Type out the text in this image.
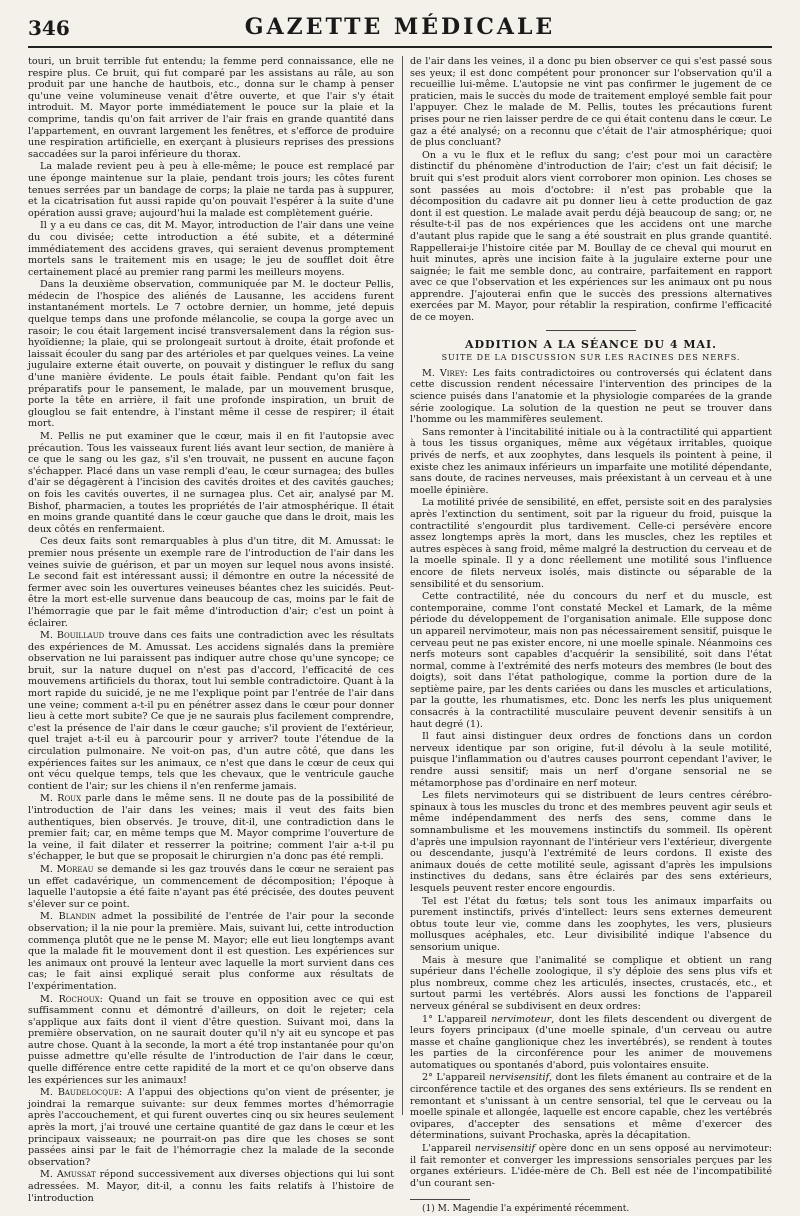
346	GAZETTE MÉDICALE

touri, un bruit terrible fut entendu; la femme perd connaissance, elle ne respire plus. Ce bruit, qui fut comparé par les assistans au râle, au son produit par une hanche de hautbois, etc., donna sur le champ à penser qu'une veine volumineuse venait d'être ouverte, et que l'air s'y était introduit. M. Mayor porte immédiatement le pouce sur la plaie et la comprime, tandis qu'on fait arriver de l'air frais en grande quantité dans l'appartement, en ouvrant largement les fenêtres, et s'efforce de produire une respiration artificielle, en exerçant à plusieurs reprises des pressions saccadées sur la paroi inférieure du thorax.

La malade revient peu à peu à elle-même; le pouce est remplacé par une éponge maintenue sur la plaie, pendant trois jours; les côtes furent tenues serrées par un bandage de corps; la plaie ne tarda pas à suppurer, et la cicatrisation fut aussi rapide qu'on pouvait l'espérer à la suite d'une opération aussi grave; aujourd'hui la malade est complètement guérie.

Il y a eu dans ce cas, dit M. Mayor, introduction de l'air dans une veine du cou divisée; cette introduction a été subite, et a déterminé immédiatement des accidens graves, qui seraient devenus promptement mortels sans le traitement mis en usage; le jeu de soufflet doit être certainement placé au premier rang parmi les meilleurs moyens.

Dans la deuxième observation, communiquée par M. le docteur Pellis, médecin de l'hospice des aliénés de Lausanne, les accidens furent instantanément mortels. Le 7 octobre dernier, un homme, jeté depuis quelque temps dans une profonde mélancolie, se coupa la gorge avec un rasoir; le cou était largement incisé transversalement dans la région sus-hyoïdienne; la plaie, qui se prolongeait surtout à droite, était profonde et laissait écouler du sang par des artérioles et par quelques veines. La veine jugulaire externe était ouverte, on pouvait y distinguer le reflux du sang d'une manière évidente. Le pouls était faible. Pendant qu'on fait les préparatifs pour le pansement, le malade, par un mouvement brusque, porte la tête en arrière, il fait une profonde inspiration, un bruit de glouglou se fait entendre, à l'instant même il cesse de respirer; il était mort.

M. Pellis ne put examiner que le cœur, mais il en fit l'autopsie avec précaution. Tous les vaisseaux furent liés avant leur section, de manière à ce que le sang ou les gaz, s'il s'en trouvait, ne pussent en aucune façon s'échapper. Placé dans un vase rempli d'eau, le cœur surnagea; des bulles d'air se dégagèrent à l'incision des cavités droites et des cavités gauches; on fois les cavités ouvertes, il ne surnagea plus. Cet air, analysé par M. Bishof, pharmacien, a toutes les propriétés de l'air atmosphérique. Il était en moins grande quantité dans le cœur gauche que dans le droit, mais les deux côtés en renfermaient.

Ces deux faits sont remarquables à plus d'un titre, dit M. Amussat: le premier nous présente un exemple rare de l'introduction de l'air dans les veines suivie de guérison, et par un moyen sur lequel nous avons insisté. Le second fait est intéressant aussi; il démontre en outre la nécessité de fermer avec soin les ouvertures veineuses béantes chez les suicidés. Peut-être la mort est-elle survenue dans beaucoup de cas, moins par le fait de l'hémorragie que par le fait même d'introduction d'air; c'est un point à éclairer.

M. Bouillaud trouve dans ces faits une contradiction avec les résultats des expériences de M. Amussat. Les accidens signalés dans la première observation ne lui paraissent pas indiquer autre chose qu'une syncope; ce bruit, sur la nature duquel on n'est pas d'accord, l'efficacité de ces mouvemens artificiels du thorax, tout lui semble contradictoire. Quant à la mort rapide du suicidé, je ne me l'explique point par l'entrée de l'air dans une veine; comment a-t-il pu en pénétrer assez dans le cœur pour donner lieu à cette mort subite? Ce que je ne saurais plus facilement comprendre, c'est la présence de l'air dans le cœur gauche; s'il provient de l'extérieur, quel trajet a-t-il eu à parcourir pour y arriver? toute l'étendue de la circulation pulmonaire. Ne voit-on pas, d'un autre côté, que dans les expériences faites sur les animaux, ce n'est que dans le cœur de ceux qui ont vécu quelque temps, tels que les chevaux, que le ventricule gauche contient de l'air; sur les chiens il n'en renferme jamais.

M. Roux parle dans le même sens. Il ne doute pas de la possibilité de l'introduction de l'air dans les veines; mais il veut des faits bien authentiques, bien observés. Je trouve, dit-il, une contradiction dans le premier fait; car, en même temps que M. Mayor comprime l'ouverture de la veine, il fait dilater et resserrer la poitrine; comment l'air a-t-il pu s'échapper, le but que se proposait le chirurgien n'a donc pas été rempli.

M. Moreau se demande si les gaz trouvés dans le cœur ne seraient pas un effet cadavérique, un commencement de décomposition; l'époque à laquelle l'autopsie a été faite n'ayant pas été précisée, des doutes peuvent s'élever sur ce point.

M. Blandin admet la possibilité de l'entrée de l'air pour la seconde observation; il la nie pour la première. Mais, suivant lui, cette introduction commença plutôt que ne le pense M. Mayor; elle eut lieu longtemps avant que la malade fit le mouvement dont il est question. Les expériences sur les animaux ont prouvé la lenteur avec laquelle la mort survient dans ces cas; le fait ainsi expliqué serait plus conforme aux résultats de l'expérimentation.

M. Rochoux: Quand un fait se trouve en opposition avec ce qui est suffisamment connu et démontré d'ailleurs, on doit le rejeter; cela s'applique aux faits dont il vient d'être question. Suivant moi, dans la première observation, on ne saurait douter qu'il n'y ait eu syncope et pas autre chose. Quant à la seconde, la mort a été trop instantanée pour qu'on puisse admettre qu'elle résulte de l'introduction de l'air dans le cœur, quelle différence entre cette rapidité de la mort et ce qu'on observe dans les expériences sur les animaux!

M. Baudelocque: A l'appui des objections qu'on vient de présenter, je joindrai la remarque suivante: sur deux femmes mortes d'hémorragie après l'accouchement, et qui furent ouvertes cinq ou six heures seulement après la mort, j'ai trouvé une certaine quantité de gaz dans le cœur et les principaux vaisseaux; ne pourrait-on pas dire que les choses se sont passées ainsi par le fait de l'hémorragie chez la malade de la seconde observation?

M. Amussat répond successivement aux diverses objections qui lui sont adressées. M. Mayor, dit-il, a connu les faits relatifs à l'histoire de l'introduction

de l'air dans les veines, il a donc pu bien observer ce qui s'est passé sous ses yeux; il est donc compétent pour prononcer sur l'observation qu'il a recueillie lui-même. L'autopsie ne vint pas confirmer le jugement de ce praticien, mais le succès du mode de traitement employé semble fait pour l'appuyer. Chez le malade de M. Pellis, toutes les précautions furent prises pour ne rien laisser perdre de ce qui était contenu dans le cœur. Le gaz a été analysé; on a reconnu que c'était de l'air atmosphérique; quoi de plus concluant?

On a vu le flux et le reflux du sang; c'est pour moi un caractère distinctif du phénomène d'introduction de l'air; c'est un fait décisif; le bruit qui s'est produit alors vient corroborer mon opinion. Les choses se sont passées au mois d'octobre: il n'est pas probable que la décomposition du cadavre ait pu donner lieu à cette production de gaz dont il est question. Le malade avait perdu déjà beaucoup de sang; or, ne résulte-t-il pas de nos expériences que les accidens ont une marche d'autant plus rapide que le sang a été soustrait en plus grande quantité. Rappellerai-je l'histoire citée par M. Boullay de ce cheval qui mourut en huit minutes, après une incision faite à la jugulaire externe pour une saignée; le fait me semble donc, au contraire, parfaitement en rapport avec ce que l'observation et les expériences sur les animaux ont pu nous apprendre. J'ajouterai enfin que le succès des pressions alternatives exercées par M. Mayor, pour rétablir la respiration, confirme l'efficacité de ce moyen.

ADDITION A LA SÉANCE DU 4 MAI.
SUITE DE LA DISCUSSION SUR LES RACINES DES NERFS.

M. Virey: Les faits contradictoires ou controversés qui éclatent dans cette discussion rendent nécessaire l'intervention des principes de la science puisés dans l'anatomie et la physiologie comparées de la grande série zoologique. La solution de la question ne peut se trouver dans l'homme ou les mammifères seulement.

Sans remonter à l'incitabilité initiale ou à la contractilité qui appartient à tous les tissus organiques, même aux végétaux irritables, quoique privés de nerfs, et aux zoophytes, dans lesquels ils pointent à peine, il existe chez les animaux inférieurs un imparfaite une motilité dépendante, sans doute, de racines nerveuses, mais préexistant à un cerveau et à une moelle épinière.

La motilité privée de sensibilité, en effet, persiste soit en des paralysies après l'extinction du sentiment, soit par la rigueur du froid, puisque la contractilité s'engourdit plus tardivement. Celle-ci persévère encore assez longtemps après la mort, dans les muscles, chez les reptiles et autres espèces à sang froid, même malgré la destruction du cerveau et de la moelle spinale. Il y a donc réellement une motilité sous l'influence encore de filets nerveux isolés, mais distincte ou séparable de la sensibilité et du sensorium.

Cette contractilité, née du concours du nerf et du muscle, est contemporaine, comme l'ont constaté Meckel et Lamark, de la même période du développement de l'organisation animale. Elle suppose donc un appareil nervimoteur, mais non pas nécessairement sensitif, puisque le cerveau peut ne pas exister encore, ni une moelle spinale. Néanmoins ces nerfs moteurs sont capables d'acquérir la sensibilité, soit dans l'état normal, comme à l'extrémité des nerfs moteurs des membres (le bout des doigts), soit dans l'état pathologique, comme la portion dure de la septième paire, par les dents cariées ou dans les muscles et articulations, par la goutte, les rhumatismes, etc. Donc les nerfs les plus uniquement consacrés à la contractilité musculaire peuvent devenir sensitifs à un haut degré (1).

Il faut ainsi distinguer deux ordres de fonctions dans un cordon nerveux identique par son origine, fut-il dévolu à la seule motilité, puisque l'inflammation ou d'autres causes pourront cependant l'aviver, le rendre aussi sensitif; mais un nerf d'organe sensorial ne se métamorphose pas d'ordinaire en nerf moteur.

Les filets nervimoteurs qui se distribuent de leurs centres cérébro-spinaux à tous les muscles du tronc et des membres peuvent agir seuls et même indépendamment des nerfs des sens, comme dans le somnambulisme et les mouvemens instinctifs du sommeil. Ils opèrent d'après une impulsion rayonnant de l'intérieur vers l'extérieur, divergente ou descendante, jusqu'à l'extrémité de leurs cordons. Il existe des animaux doués de cette motilité seule, agissant d'après les impulsions instinctives du dedans, sans être éclairés par des sens extérieurs, lesquels peuvent rester encore engourdis.

Tel est l'état du fœtus; tels sont tous les animaux imparfaits ou purement instinctifs, privés d'intellect: leurs sens externes demeurent obtus toute leur vie, comme dans les zoophytes, les vers, plusieurs mollusques acéphales, etc. Leur divisibilité indique l'absence du sensorium unique.

Mais à mesure que l'animalité se complique et obtient un rang supérieur dans l'échelle zoologique, il s'y déploie des sens plus vifs et plus nombreux, comme chez les articulés, insectes, crustacés, etc., et surtout parmi les vertébrés. Alors aussi les fonctions de l'appareil nerveux général se subdivisent en deux ordres:

1° L'appareil nervimoteur, dont les filets descendent ou divergent de leurs foyers principaux (d'une moelle spinale, d'un cerveau ou autre masse et chaîne ganglionique chez les invertébrés), se rendent à toutes les parties de la circonférence pour les animer de mouvemens automatiques ou spontanés d'abord, puis volontaires ensuite.

2° L'appareil nervisensitif, dont les filets émanent au contraire et de la circonférence tactile et des organes des sens extérieurs. Ils se rendent en remontant et s'unissant à un centre sensorial, tel que le cerveau ou la moelle spinale et allongée, laquelle est encore capable, chez les vertébrés ovipares, d'accepter des sensations et même d'exercer des déterminations, suivant Prochaska, après la décapitation.

L'appareil nervisensitif opère donc en un sens opposé au nervimoteur: il fait remonter et converger les impressions sensoriales perçues par les organes extérieurs. L'idée-mère de Ch. Bell est née de l'incompatibilité d'un courant sen-

(1) M. Magendie l'a expérimenté récemment.
